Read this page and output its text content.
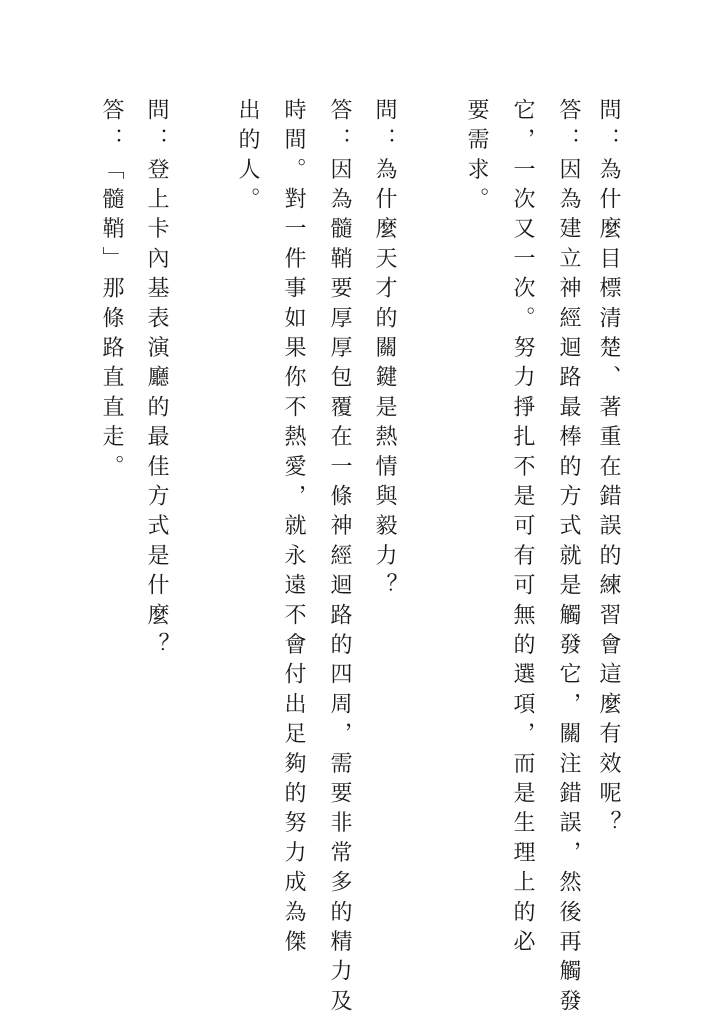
問：為什麼目標清楚、著重在錯誤的練習會這麼有效呢？
答：因為建立神經迴路最棒的方式就是觸發它，關注錯誤，然後再觸發
它，一次又一次。努力掙扎不是可有可無的選項，而是生理上的必
要需求。
問：為什麼天才的關鍵是熱情與毅力？
答：因為髓鞘要厚厚包覆在一條神經迴路的四周，需要非常多的精力及
時間。對一件事如果你不熱愛，就永遠不會付出足夠的努力成為傑
出的人。
問：登上卡內基表演廳的最佳方式是什麼？
答：「髓鞘」那條路直直走。
